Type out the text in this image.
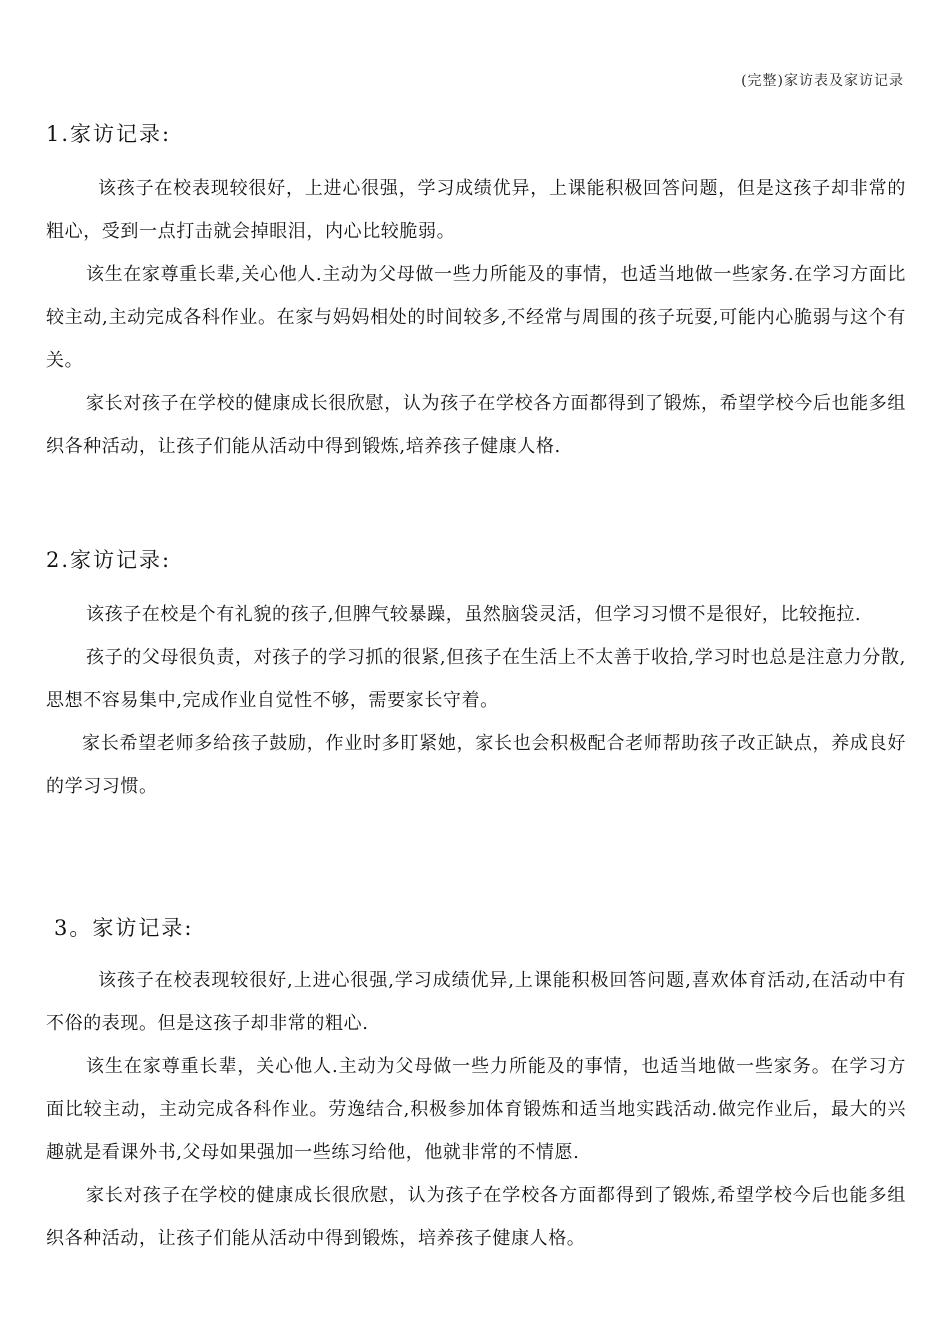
(完整)家访表及家访记录
1.家访记录:

该孩子在校表现较很好，上进心很强，学习成绩优异，上课能积极回答问题，但是这孩子却非常的粗心，受到一点打击就会掉眼泪，内心比较脆弱。

该生在家尊重长辈,关心他人.主动为父母做一些力所能及的事情，也适当地做一些家务.在学习方面比较主动,主动完成各科作业。在家与妈妈相处的时间较多,不经常与周围的孩子玩耍,可能内心脆弱与这个有关。

家长对孩子在学校的健康成长很欣慰，认为孩子在学校各方面都得到了锻炼，希望学校今后也能多组织各种活动，让孩子们能从活动中得到锻炼,培养孩子健康人格.

2.家访记录:

该孩子在校是个有礼貌的孩子,但脾气较暴躁，虽然脑袋灵活，但学习习惯不是很好，比较拖拉.

孩子的父母很负责，对孩子的学习抓的很紧,但孩子在生活上不太善于收拾,学习时也总是注意力分散,思想不容易集中,完成作业自觉性不够，需要家长守着。

家长希望老师多给孩子鼓励，作业时多盯紧她，家长也会积极配合老师帮助孩子改正缺点，养成良好的学习习惯。

3。家访记录:

该孩子在校表现较很好,上进心很强,学习成绩优异,上课能积极回答问题,喜欢体育活动,在活动中有不俗的表现。但是这孩子却非常的粗心.

该生在家尊重长辈，关心他人.主动为父母做一些力所能及的事情，也适当地做一些家务。在学习方面比较主动，主动完成各科作业。劳逸结合,积极参加体育锻炼和适当地实践活动.做完作业后，最大的兴趣就是看课外书,父母如果强加一些练习给他，他就非常的不情愿.

家长对孩子在学校的健康成长很欣慰，认为孩子在学校各方面都得到了锻炼,希望学校今后也能多组织各种活动，让孩子们能从活动中得到锻炼，培养孩子健康人格。
